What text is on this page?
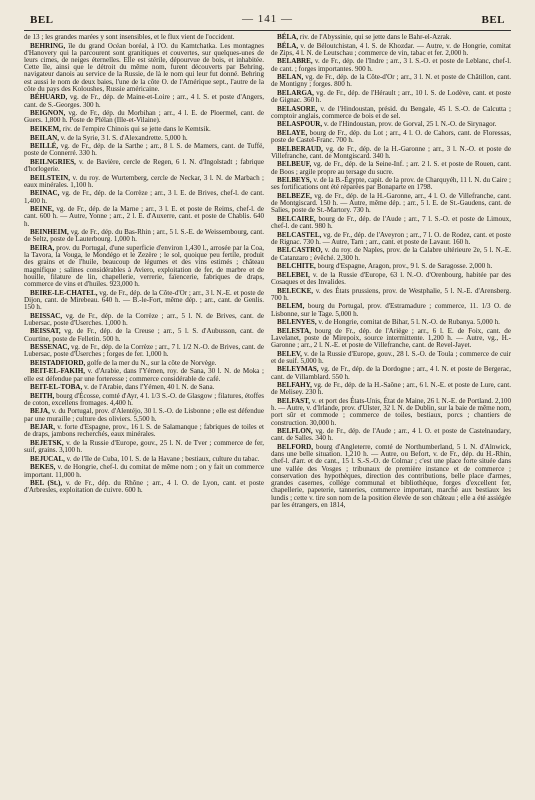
BEL	— 141 —	BEL

de 13 ; les grandes marées y sont insensibles, et le flux vient de l'occident.

BEHRING, île du grand Océan boréal, à l'O. du Kamtchatka. Les montagnes d'Hanovery qui la parcourent sont granitiques et couvertes, sur quelques-unes de leurs cimes, de neiges éternelles. Elle est stérile, dépourvue de bois, et inhabitée. Cette île, ainsi que le détroit du même nom, furent découverts par Behring, navigateur danois au service de la Russie, de là le nom qui leur fut donné. Behring est aussi le nom de deux baies, l'une de la côte O. de l'Amérique sept., l'autre de la côte du pays des Koloushes, Russie américaine.

BÉHUARD, vg. de Fr., dép. de Maine-et-Loire ; arr., 4 l. S. et poste d'Angers, cant. de S.-Georges. 300 h.

BEIGNON, vg. de Fr., dép. du Morbihan ; arr., 4 l. E. de Ploermel, cant. de Guers. 1,800 h. Poste de Plélan (Ille-et-Vilaine).

BEIKEM, riv. de l'empire Chinois qui se jette dans le Kemtsik.

BEILAN, v. de la Syrie, 3 l. S. d'Alexandrette. 5,000 h.

BEILLÉ, vg. de Fr., dép. de la Sarthe ; arr., 8 l. S. de Mamers, cant. de Tuffé, poste de Connerré. 330 h.

BEILNGRIES, v. de Bavière, cercle de Regen, 6 l. N. d'Ingolstadt ; fabrique d'horlogerie.

BEILSTEIN, v. du roy. de Wurtemberg, cercle de Neckar, 3 l. N. de Marbach ; eaux minérales. 1,100 h.

BEINAC, vg. de Fr., dép. de la Corrèze ; arr., 3 l. E. de Brives, chef-l. de cant. 1,400 h.

BEINE, vg. de Fr., dép. de la Marne ; arr., 3 l. E. et poste de Reims, chef-l. de cant. 600 h. — Autre, Yonne ; arr., 2 l. E. d'Auxerre, cant. et poste de Chablis. 640 h.

BEINHEIM, vg. de Fr., dép. du Bas-Rhin ; arr., 5 l. S.-E. de Weissembourg, cant. de Seltz, poste de Lauterbourg. 1,000 h.

BEIRA, prov. du Portugal, d'une superficie d'environ 1,430 l., arrosée par la Coa, la Tavora, la Vouga, le Mondégo et le Zezère ; le sol, quoique peu fertile, produit des grains et de l'huile, beaucoup de légumes et des vins estimés ; château magnifique ; salines considérables à Aviero, exploitation de fer, de marbre et de houille, filature de lin, chapellerie, verrerie, faïencerie, fabriques de draps, commerce de vins et d'huiles. 923,000 h.

BEIRE-LE-CHATEL, vg. de Fr., dép. de la Côte-d'Or ; arr., 3 l. N.-E. et poste de Dijon, cant. de Mirebeau. 640 h. — B.-le-Fort, même dép. ; arr., cant. de Genlis. 150 h.

BEISSAC, vg. de Fr., dép. de la Corrèze ; arr., 5 l. N. de Brives, cant. de Lubersac, poste d'Userches. 1,000 h.

BEISSAT, vg. de Fr., dép. de la Creuse ; arr., 5 l. S. d'Aubusson, cant. de Courtine, poste de Felletin. 500 h.

BESSENAC, vg. de Fr., dép. de la Corrèze ; arr., 7 l. 1/2 N.-O. de Brives, cant. de Lubersac, poste d'Userches ; forges de fer. 1,000 h.

BEISTADFIORD, golfe de la mer du N., sur la côte de Norvège.

BEIT-EL-FAKIH, v. d'Arabie, dans l'Yémen, roy. de Sana, 30 l. N. de Moka ; elle est défendue par une forteresse ; commerce considérable de café.

BEIT-EL-TOBA, v. de l'Arabie, dans l'Yémen, 40 l. N. de Sana.

BEITH, bourg d'Écosse, comté d'Ayr, 4 l. 1/3 S.-O. de Glasgow ; filatures, étoffes de coton, excellens fromages. 4,400 h.

BEJA, v. du Portugal, prov. d'Alentéjo, 30 l. S.-O. de Lisbonne ; elle est défendue par une muraille ; culture des oliviers. 5,500 h.

BEJAR, v. forte d'Espagne, prov., 16 l. S. de Salamanque ; fabriques de toiles et de draps, jambons recherchés, eaux minérales.

BEJETSK, v. de la Russie d'Europe, gouv., 25 l. N. de Tver ; commerce de fer, suif, grains. 3,100 h.

BEJUCAL, v. de l'île de Cuba, 10 l. S. de la Havane ; bestiaux, culture du tabac.

BEKES, v. de Hongrie, chef-l. du comitat de même nom ; on y fait un commerce important. 11,000 h.

BEL (St.), v. de Fr., dép. du Rhône ; arr., 4 l. O. de Lyon, cant. et poste d'Arbresles, exploitation de cuivre. 600 h.

BÉLA, riv. de l'Abyssinie, qui se jette dans le Bahr-el-Azrak.

BÉLA, v. de Béloutchistan, 4 l. S. de Khozdar. — Autre, v. de Hongrie, comitat de Zips, 4 l. N. de Leutschau ; commerce de vin, tabac et fer. 2,000 h.

BELABRE, v. de Fr., dép. de l'Indre ; arr., 3 l. S.-O. et poste de Leblanc, chef-l. de cant. ; forges importantes. 900 h.

BELAN, vg. de Fr., dép. de la Côte-d'Or ; arr., 3 l. N. et poste de Châtillon, cant. de Montigny ; forges. 800 h.

BELARGA, vg. de Fr., dép. de l'Hérault ; arr., 10 l. S. de Lodève, cant. et poste de Gignac. 360 h.

BELASORE, v. de l'Hindoustan, présid. du Bengale, 45 l. S.-O. de Calcutta ; comptoir anglais, commerce de bois et de sel.

BELASPOUR, v. de l'Hindoustan, prov. de Gorval, 25 l. N.-O. de Sirynagor.

BELAYE, bourg de Fr., dép. du Lot ; arr., 4 l. O. de Cahors, cant. de Floressas, poste de Castel-Franc. 700 h.

BELBERAUD, vg. de Fr., dép. de la H.-Garonne ; arr., 3 l. N.-O. et poste de Villefranche, cant. de Montgiscard. 340 h.

BELBEUF, vg. de Fr., dép. de la Seine-Inf. ; arr. 2 l. S. et poste de Rouen, cant. de Boos ; argile propre au tersage du sucre.

BELBEYS, v. de la B.-Égypte, capit. de la prov. de Charquyéh, 11 l. N. du Caire ; ses fortifications ont été réparées par Bonaparte en 1798.

BELBEZE, vg. de Fr., dép. de la H.-Garonne, arr., 4 l. O. de Villefranche, cant. de Montgiscard. 150 h. — Autre, même dép. ; arr., 5 l. E. de St.-Gaudens, cant. de Salies, poste de St.-Martory. 730 h.

BELCAIRE, bourg de Fr., dép. de l'Aude ; arr., 7 l. S.-O. et poste de Limoux, chef-l. de cant. 980 h.

BELCASTEL, vg. de Fr., dép. de l'Aveyron ; arr., 7 l. O. de Rodez, cant. et poste de Rignac. 730 h. — Autre, Tarn ; arr., cant. et poste de Lavaur. 160 h.

BELCASTRO, v. du roy. de Naples, prov. de la Calabre ultérieure 2e, 5 l. N.-E. de Catanzaro ; évêché. 2,300 h.

BELCHITE, bourg d'Espagne, Aragon, prov., 9 l. S. de Saragosse. 2,000 h.

BELEBEI, v. de la Russie d'Europe, 63 l. N.-O. d'Orenbourg, habitée par des Cosaques et des Invalides.

BELECKE, v. des États prussiens, prov. de Westphalie, 5 l. N.-E. d'Arensberg. 700 h.

BELEM, bourg du Portugal, prov. d'Estramadure ; commerce, 11. 1/3 O. de Lisbonne, sur le Tage. 5,000 h.

BELENYES, v. de Hongrie, comitat de Bihar, 5 l. N.-O. de Rubanya. 5,000 h.

BELESTA, bourg de Fr., dép. de l'Ariège ; arr., 6 l. E. de Foix, cant. de Lavelanet, poste de Mirepoix, source intermittente. 1,200 h. — Autre, vg., H.-Garonne ; arr., 2 l. N.-E. et poste de Villefranche, cant. de Revel-Jayet.

BELEV, v. de la Russie d'Europe, gouv., 28 l. S.-O. de Toula ; commerce de cuir et de suif. 5,000 h.

BELEYMAS, vg. de Fr., dép. de la Dordogne ; arr., 4 l. N. et poste de Bergerac, cant. de Villamblard. 550 h.

BELFAHY, vg. de Fr., dép. de la H.-Saône ; arr., 6 l. N.-E. et poste de Lure, cant. de Melisey. 230 h.

BELFAST, v. et port des États-Unis, État de Maine, 26 l. N.-E. de Portland. 2,100 h. — Autre, v. d'Irlande, prov. d'Ulster, 32 l. N. de Dublin, sur la baie de même nom, port sûr et commode ; commerce de toiles, bestiaux, porcs ; chantiers de construction. 30,000 h.

BELFLON, vg. de Fr., dép. de l'Aude ; arr., 4 l. O. et poste de Castelnaudary, cant. de Salles. 340 h.

BELFORD, bourg d'Angleterre, comté de Northumberland, 5 l. N. d'Alnwick, dans une belle situation. 1,210 h. — Autre, ou Befort, v. de Fr., dép. du H.-Rhin, chef-l. d'arr. et de cant., 15 l. S.-S.-O. de Colmar ; c'est une place forte située dans une vallée des Vosges ; tribunaux de première instance et de commerce ; conservation des hypothèques, direction des contributions, belle place d'armes, grandes casernes, collége communal et bibliothèque, forges d'excellent fer, chapellerie, papeterie, tanneries, commerce important, marché aux bestiaux les lundis ; cette v. tire son nom de la position élevée de son château ; elle a été assiégée par les étrangers, en 1814,
